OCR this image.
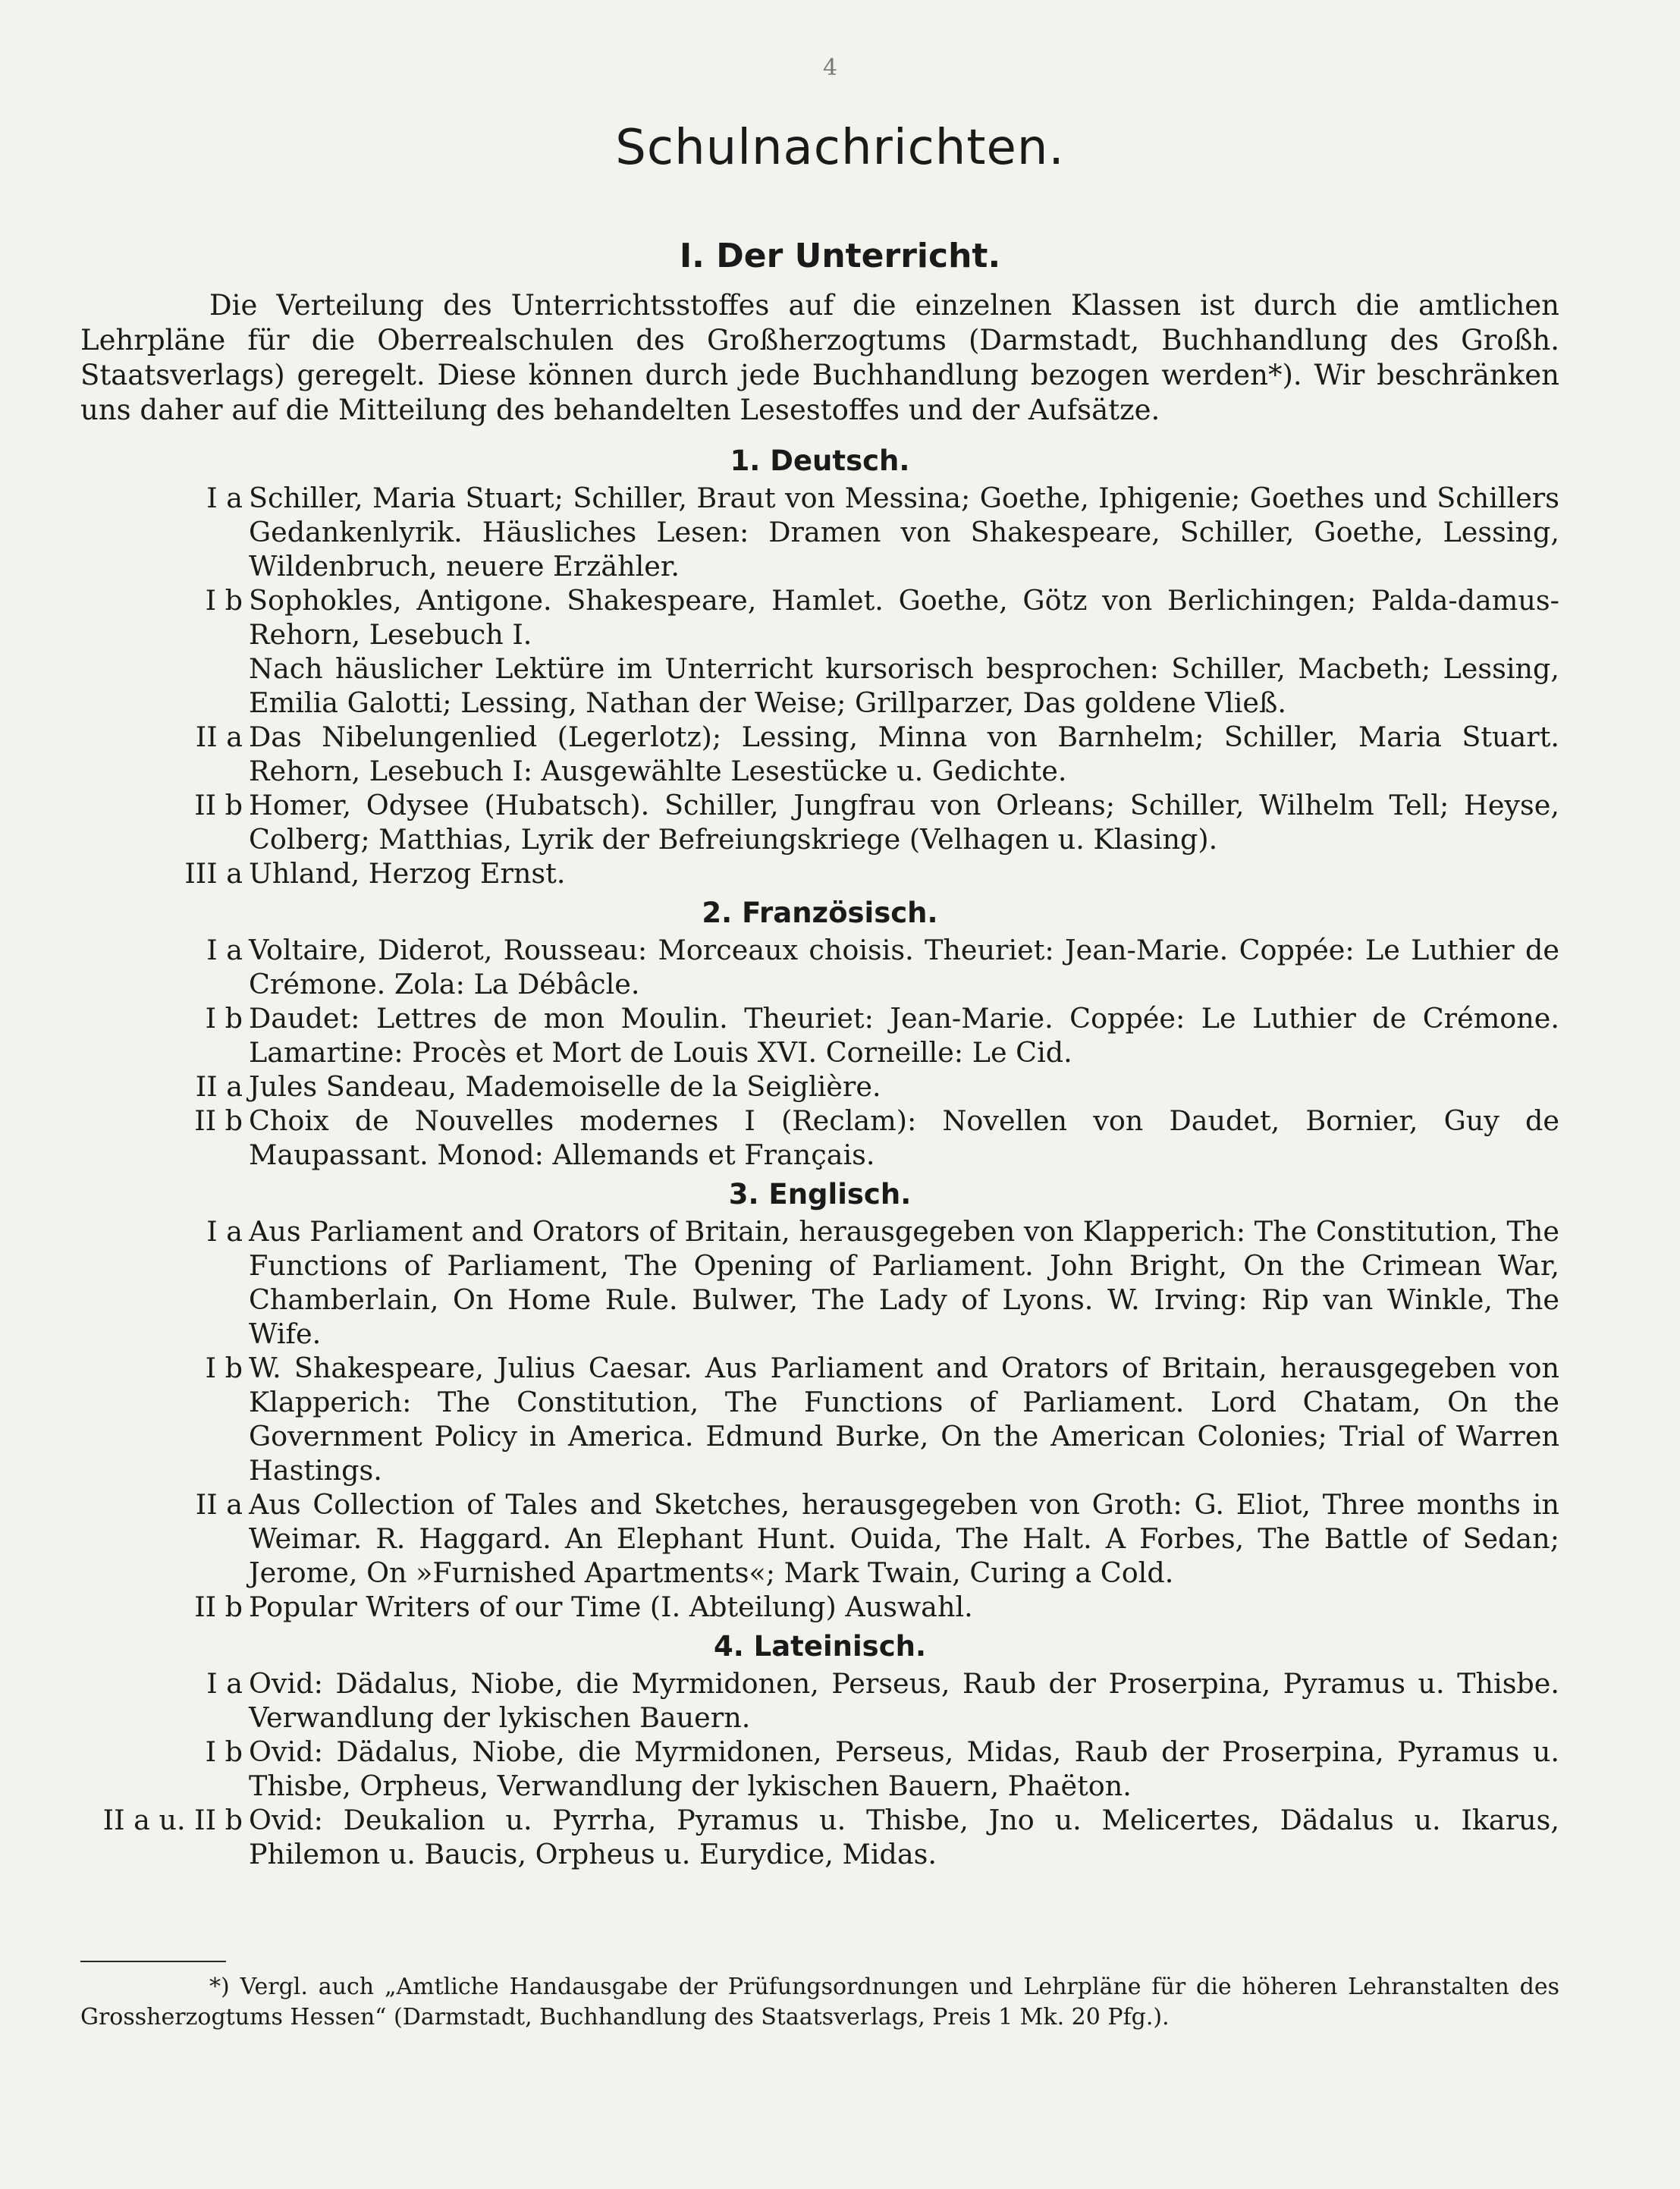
4
Schulnachrichten.
I. Der Unterricht.
Die Verteilung des Unterrichtsstoffes auf die einzelnen Klassen ist durch die amtlichen Lehrpläne für die Oberrealschulen des Großherzogtums (Darmstadt, Buchhandlung des Großh. Staatsverlags) geregelt. Diese können durch jede Buchhandlung bezogen werden*). Wir beschränken uns daher auf die Mitteilung des behandelten Lesestoffes und der Aufsätze.
1. Deutsch.
I a Schiller, Maria Stuart; Schiller, Braut von Messina; Goethe, Iphigenie; Goethes und Schillers Gedankenlyrik. Häusliches Lesen: Dramen von Shakespeare, Schiller, Goethe, Lessing, Wildenbruch, neuere Erzähler.
I b Sophokles, Antigone. Shakespeare, Hamlet. Goethe, Götz von Berlichingen; Palda-damus-Rehorn, Lesebuch I.
Nach häuslicher Lektüre im Unterricht kursorisch besprochen: Schiller, Macbeth; Lessing, Emilia Galotti; Lessing, Nathan der Weise; Grillparzer, Das goldene Vließ.
II a Das Nibelungenlied (Legerlotz); Lessing, Minna von Barnhelm; Schiller, Maria Stuart. Rehorn, Lesebuch I: Ausgewählte Lesestücke u. Gedichte.
II b Homer, Odysee (Hubatsch). Schiller, Jungfrau von Orleans; Schiller, Wilhelm Tell; Heyse, Colberg; Matthias, Lyrik der Befreiungskriege (Velhagen u. Klasing).
III a Uhland, Herzog Ernst.
2. Französisch.
I a Voltaire, Diderot, Rousseau: Morceaux choisis. Theuriet: Jean-Marie. Coppée: Le Luthier de Crémone. Zola: La Débâcle.
I b Daudet: Lettres de mon Moulin. Theuriet: Jean-Marie. Coppée: Le Luthier de Crémone. Lamartine: Procès et Mort de Louis XVI. Corneille: Le Cid.
II a Jules Sandeau, Mademoiselle de la Seiglière.
II b Choix de Nouvelles modernes I (Reclam): Novellen von Daudet, Bornier, Guy de Maupassant. Monod: Allemands et Français.
3. Englisch.
I a Aus Parliament and Orators of Britain, herausgegeben von Klapperich: The Constitution, The Functions of Parliament, The Opening of Parliament. John Bright, On the Crimean War, Chamberlain, On Home Rule. Bulwer, The Lady of Lyons. W. Irving: Rip van Winkle, The Wife.
I b W. Shakespeare, Julius Caesar. Aus Parliament and Orators of Britain, herausgegeben von Klapperich: The Constitution, The Functions of Parliament. Lord Chatam, On the Government Policy in America. Edmund Burke, On the American Colonies; Trial of Warren Hastings.
II a Aus Collection of Tales and Sketches, herausgegeben von Groth: G. Eliot, Three months in Weimar. R. Haggard. An Elephant Hunt. Ouida, The Halt. A Forbes, The Battle of Sedan; Jerome, On »Furnished Apartments«; Mark Twain, Curing a Cold.
II b Popular Writers of our Time (I. Abteilung) Auswahl.
4. Lateinisch.
I a Ovid: Dädalus, Niobe, die Myrmidonen, Perseus, Raub der Proserpina, Pyramus u. Thisbe. Verwandlung der lykischen Bauern.
I b Ovid: Dädalus, Niobe, die Myrmidonen, Perseus, Midas, Raub der Proserpina, Pyramus u. Thisbe, Orpheus, Verwandlung der lykischen Bauern, Phaëton.
II a u. II b Ovid: Deukalion u. Pyrrha, Pyramus u. Thisbe, Jno u. Melicertes, Dädalus u. Ikarus, Philemon u. Baucis, Orpheus u. Eurydice, Midas.
*) Vergl. auch „Amtliche Handausgabe der Prüfungsordnungen und Lehrpläne für die höheren Lehranstalten des Grossherzogtums Hessen“ (Darmstadt, Buchhandlung des Staatsverlags, Preis 1 Mk. 20 Pfg.).
